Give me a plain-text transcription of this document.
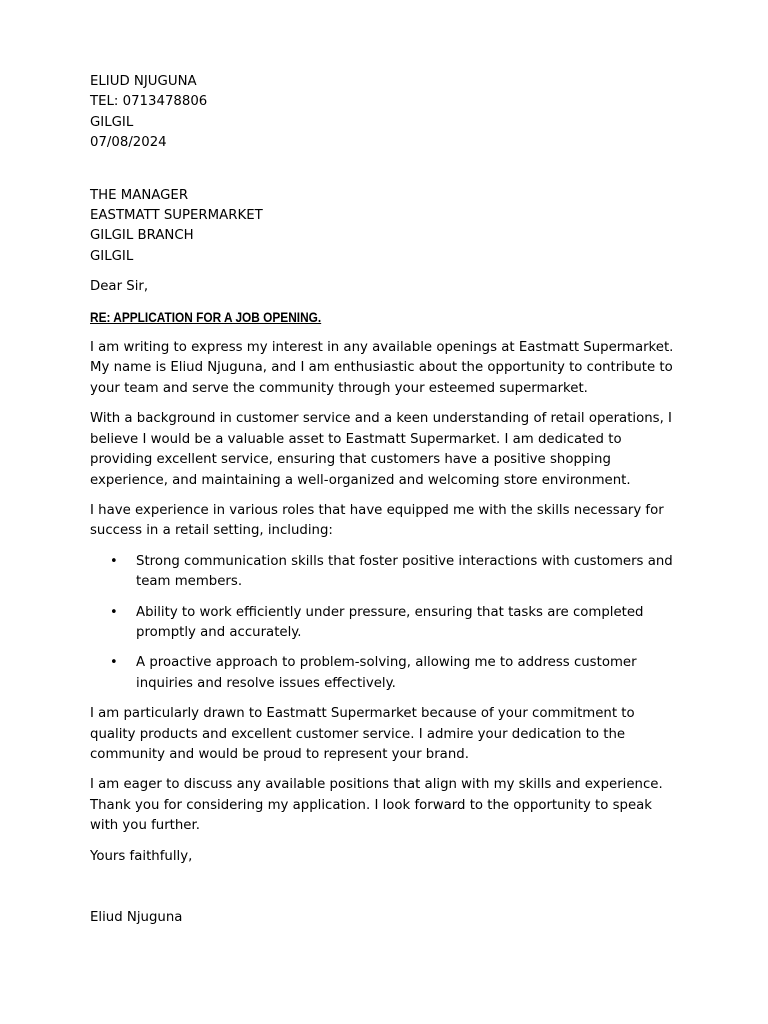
ELIUD NJUGUNA
TEL: 0713478806
GILGIL
07/08/2024
THE MANAGER
EASTMATT SUPERMARKET
GILGIL BRANCH
GILGIL

Dear Sir,

RE: APPLICATION FOR A JOB OPENING.

I am writing to express my interest in any available openings at Eastmatt Supermarket. My name is Eliud Njuguna, and I am enthusiastic about the opportunity to contribute to your team and serve the community through your esteemed supermarket.

With a background in customer service and a keen understanding of retail operations, I believe I would be a valuable asset to Eastmatt Supermarket. I am dedicated to providing excellent service, ensuring that customers have a positive shopping experience, and maintaining a well-organized and welcoming store environment.

I have experience in various roles that have equipped me with the skills necessary for success in a retail setting, including:

• Strong communication skills that foster positive interactions with customers and team members.
• Ability to work efficiently under pressure, ensuring that tasks are completed promptly and accurately.
• A proactive approach to problem-solving, allowing me to address customer inquiries and resolve issues effectively.

I am particularly drawn to Eastmatt Supermarket because of your commitment to quality products and excellent customer service. I admire your dedication to the community and would be proud to represent your brand.

I am eager to discuss any available positions that align with my skills and experience. Thank you for considering my application. I look forward to the opportunity to speak with you further.

Yours faithfully,

Eliud Njuguna
